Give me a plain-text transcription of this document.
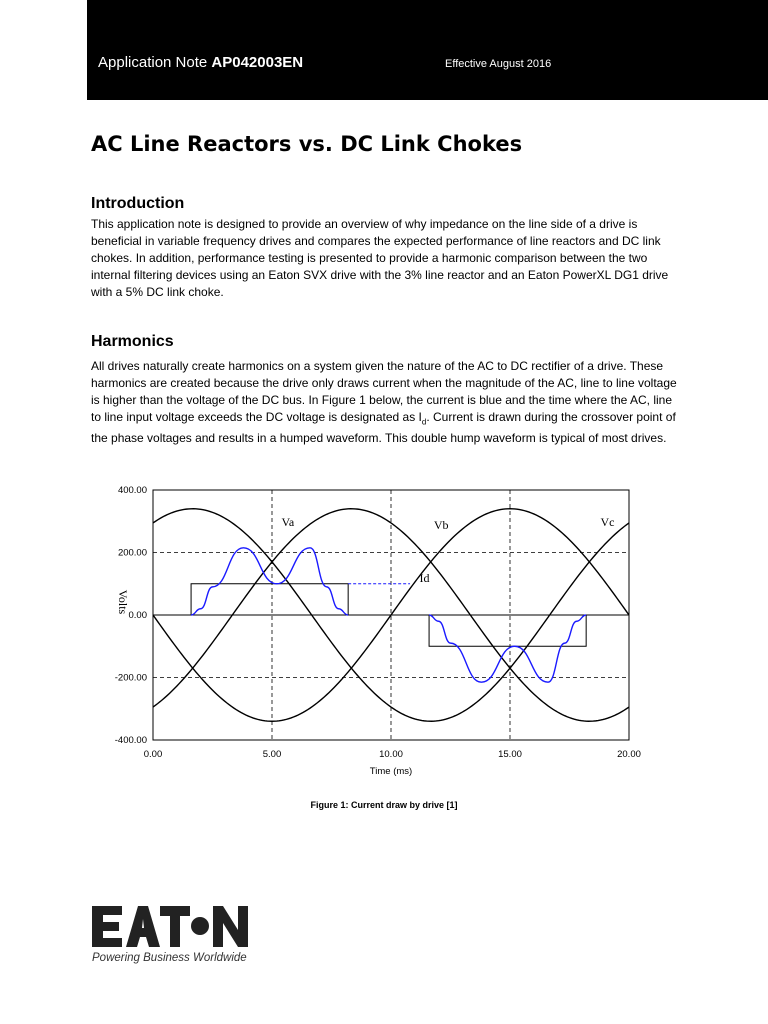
Application Note AP042003EN	Effective August 2016
AC Line Reactors vs. DC Link Chokes
Introduction

This application note is designed to provide an overview of why impedance on the line side of a drive is beneficial in variable frequency drives and compares the expected performance of line reactors and DC link chokes. In addition, performance testing is presented to provide a harmonic comparison between the two internal filtering devices using an Eaton SVX drive with the 3% line reactor and an Eaton PowerXL DG1 drive with a 5% DC link choke.

Harmonics

All drives naturally create harmonics on a system given the nature of the AC to DC rectifier of a drive. These harmonics are created because the drive only draws current when the magnitude of the AC, line to line voltage is higher than the voltage of the DC bus. In Figure 1 below, the current is blue and the time where the AC, line to line input voltage exceeds the DC voltage is designated as $I_d$. Current is drawn during the crossover point of the phase voltages and results in a humped waveform. This double hump waveform is typical of most drives.

0.00	5.00	10.00	15.00	20.00
400.00
200.00
0.00
-200.00
-400.00
Va	Vb	Vc
Id
Volts
Time (ms)
Figure 1: Current draw by drive [1]
Powering Business Worldwide
